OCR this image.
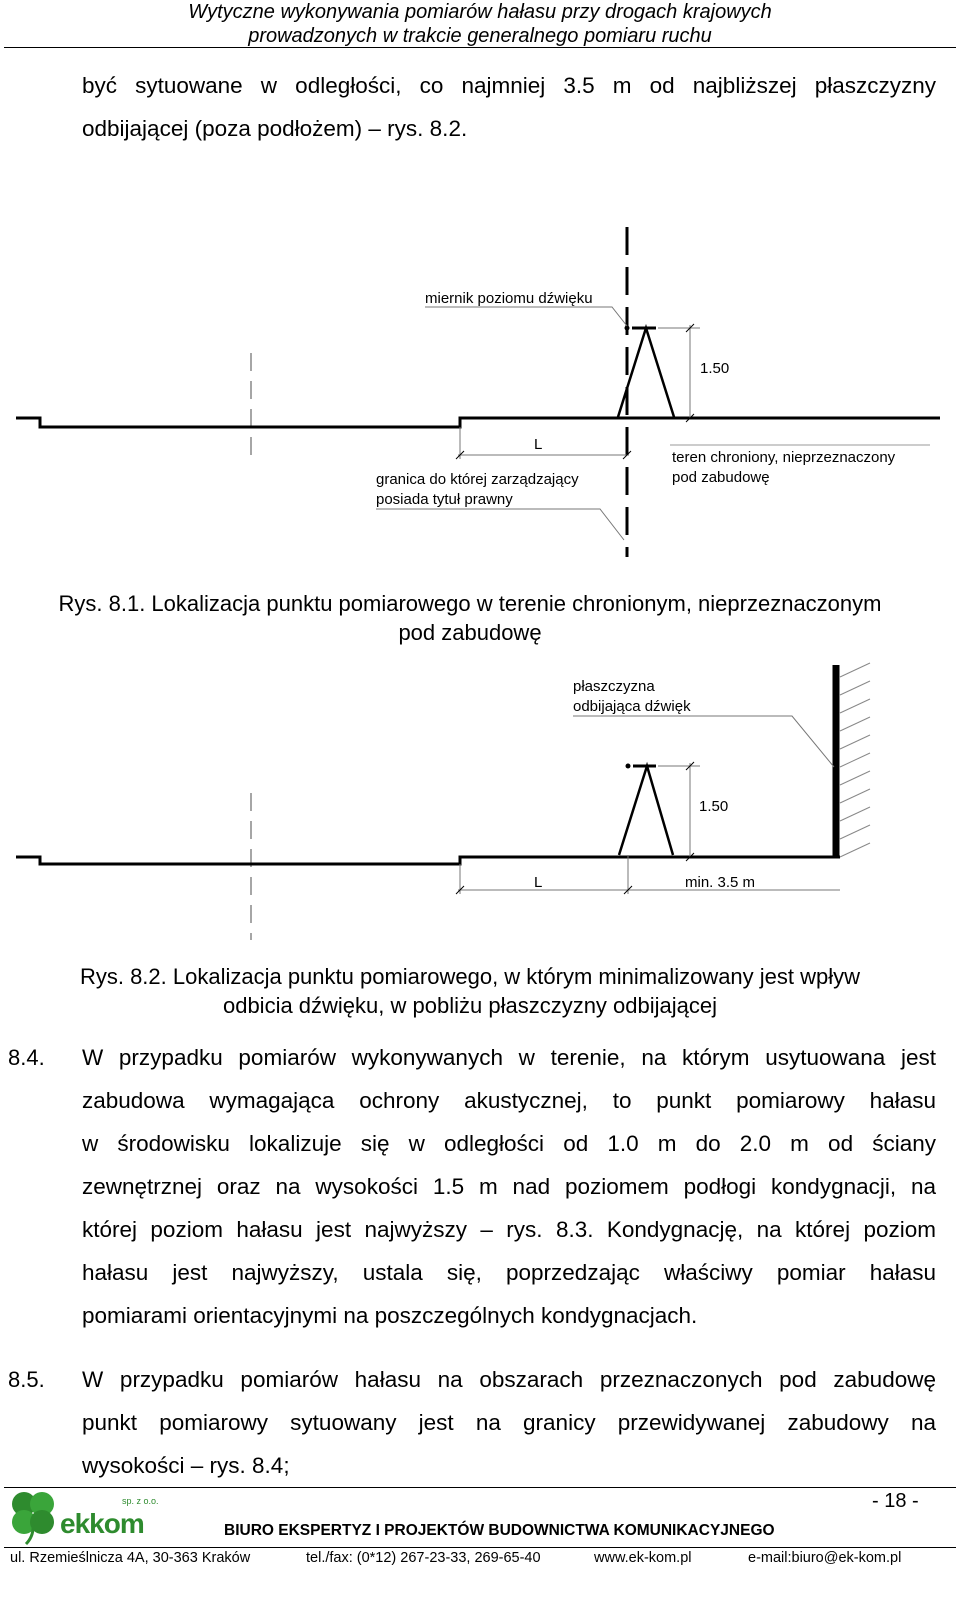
Wytyczne wykonywania pomiarów hałasu przy drogach krajowych
prowadzonych w trakcie generalnego pomiaru ruchu
być sytuowane w odległości, co najmniej 3.5 m od najbliższej płaszczyzny
odbijającej (poza podłożem) – rys. 8.2.
miernik poziomu dźwięku
1.50
L
granica do której zarządzający
posiada tytuł prawny
teren chroniony, nieprzeznaczony
pod zabudowę
Rys. 8.1. Lokalizacja punktu pomiarowego w terenie chronionym, nieprzeznaczonym
pod zabudowę
płaszczyzna
odbijająca dźwięk
1.50
L	min. 3.5 m
Rys. 8.2. Lokalizacja punktu pomiarowego, w którym minimalizowany jest wpływ
odbicia dźwięku, w pobliżu płaszczyzny odbijającej
8.4. W przypadku pomiarów wykonywanych w terenie, na którym usytuowana jest
zabudowa wymagająca ochrony akustycznej, to punkt pomiarowy hałasu
w środowisku lokalizuje się w odległości od 1.0 m do 2.0 m od ściany
zewnętrznej oraz na wysokości 1.5 m nad poziomem podłogi kondygnacji, na
której poziom hałasu jest najwyższy – rys. 8.3. Kondygnację, na której poziom
hałasu jest najwyższy, ustala się, poprzedzając właściwy pomiar hałasu
pomiarami orientacyjnymi na poszczególnych kondygnacjach.
8.5. W przypadku pomiarów hałasu na obszarach przeznaczonych pod zabudowę
punkt pomiarowy sytuowany jest na granicy przewidywanej zabudowy na
wysokości – rys. 8.4;
- 18 -
ekkom
sp. z o.o.
BIURO EKSPERTYZ I PROJEKTÓW BUDOWNICTWA KOMUNIKACYJNEGO
ul. Rzemieślnicza 4A, 30-363 Kraków	tel./fax: (0*12) 267-23-33, 269-65-40	www.ek-kom.pl	e-mail:biuro@ek-kom.pl
